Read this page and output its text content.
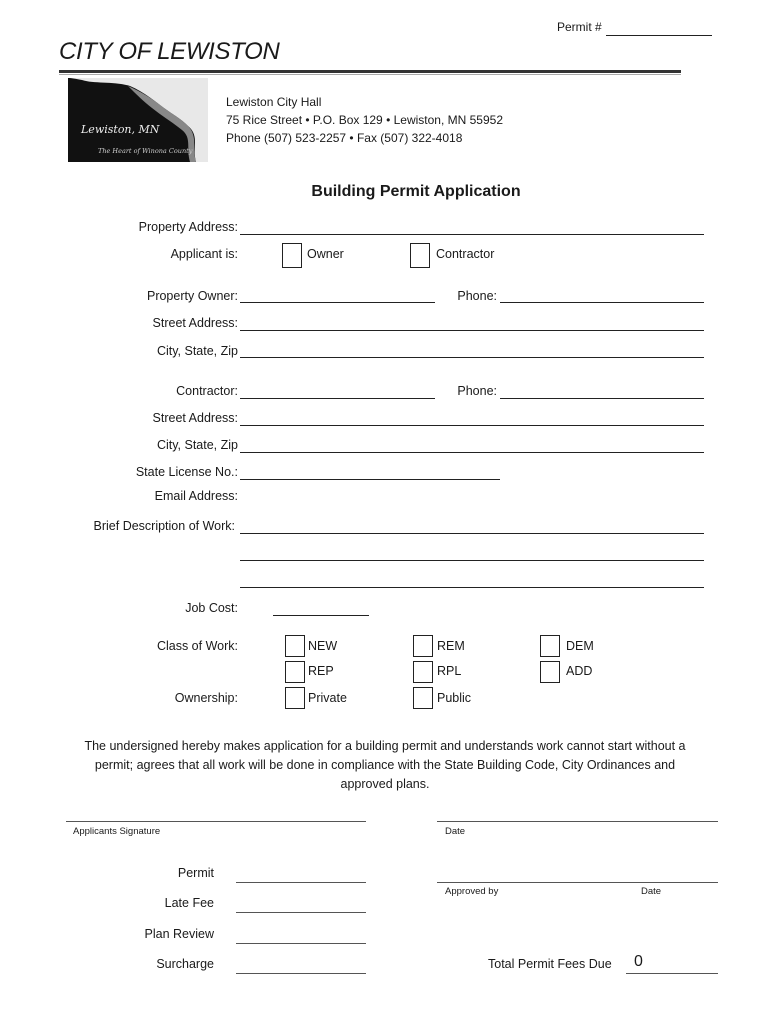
Permit #
CITY OF LEWISTON
Lewiston, MN
The Heart of Winona County
Lewiston City Hall
75 Rice Street • P.O. Box 129 • Lewiston, MN 55952
Phone (507) 523-2257 • Fax (507) 322-4018
Building Permit Application
Property Address:
Applicant is:	Owner	Contractor
Property Owner:	Phone:
Street Address:
City, State, Zip
Contractor:	Phone:
Street Address:
City, State, Zip
State License No.:
Email Address:
Brief Description of Work:
Job Cost:
Class of Work:	NEW	REM	DEM
REP	RPL	ADD
Ownership:	Private	Public
The undersigned hereby makes application for a building permit and understands work cannot start without a permit; agrees that all work will be done in compliance with the State Building Code, City Ordinances and approved plans.
Applicants Signature	Date
Permit
Late Fee
Plan Review
Surcharge
Approved by	Date
Total Permit Fees Due 0
